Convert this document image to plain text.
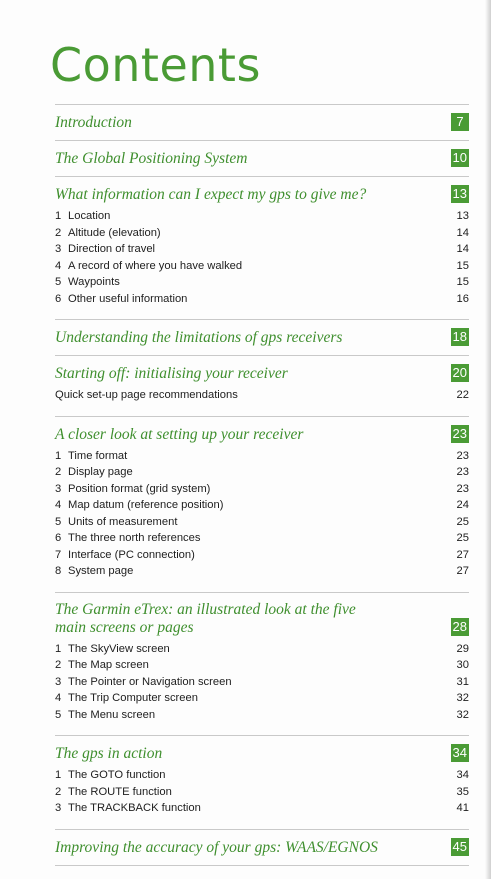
Contents
Introduction	7
The Global Positioning System	10
What information can I expect my gps to give me?	13
1 Location	13
2 Altitude (elevation)	14
3 Direction of travel	14
4 A record of where you have walked	15
5 Waypoints	15
6 Other useful information	16
Understanding the limitations of gps receivers	18
Starting off: initialising your receiver	20
Quick set-up page recommendations	22
A closer look at setting up your receiver	23
1 Time format	23
2 Display page	23
3 Position format (grid system)	23
4 Map datum (reference position)	24
5 Units of measurement	25
6 The three north references	25
7 Interface (PC connection)	27
8 System page	27
The Garmin eTrex: an illustrated look at the five
main screens or pages	28
1 The SkyView screen	29
2 The Map screen	30
3 The Pointer or Navigation screen	31
4 The Trip Computer screen	32
5 The Menu screen	32
The gps in action	34
1 The GOTO function	34
2 The ROUTE function	35
3 The TRACKBACK function	41
Improving the accuracy of your gps: WAAS/EGNOS	45
